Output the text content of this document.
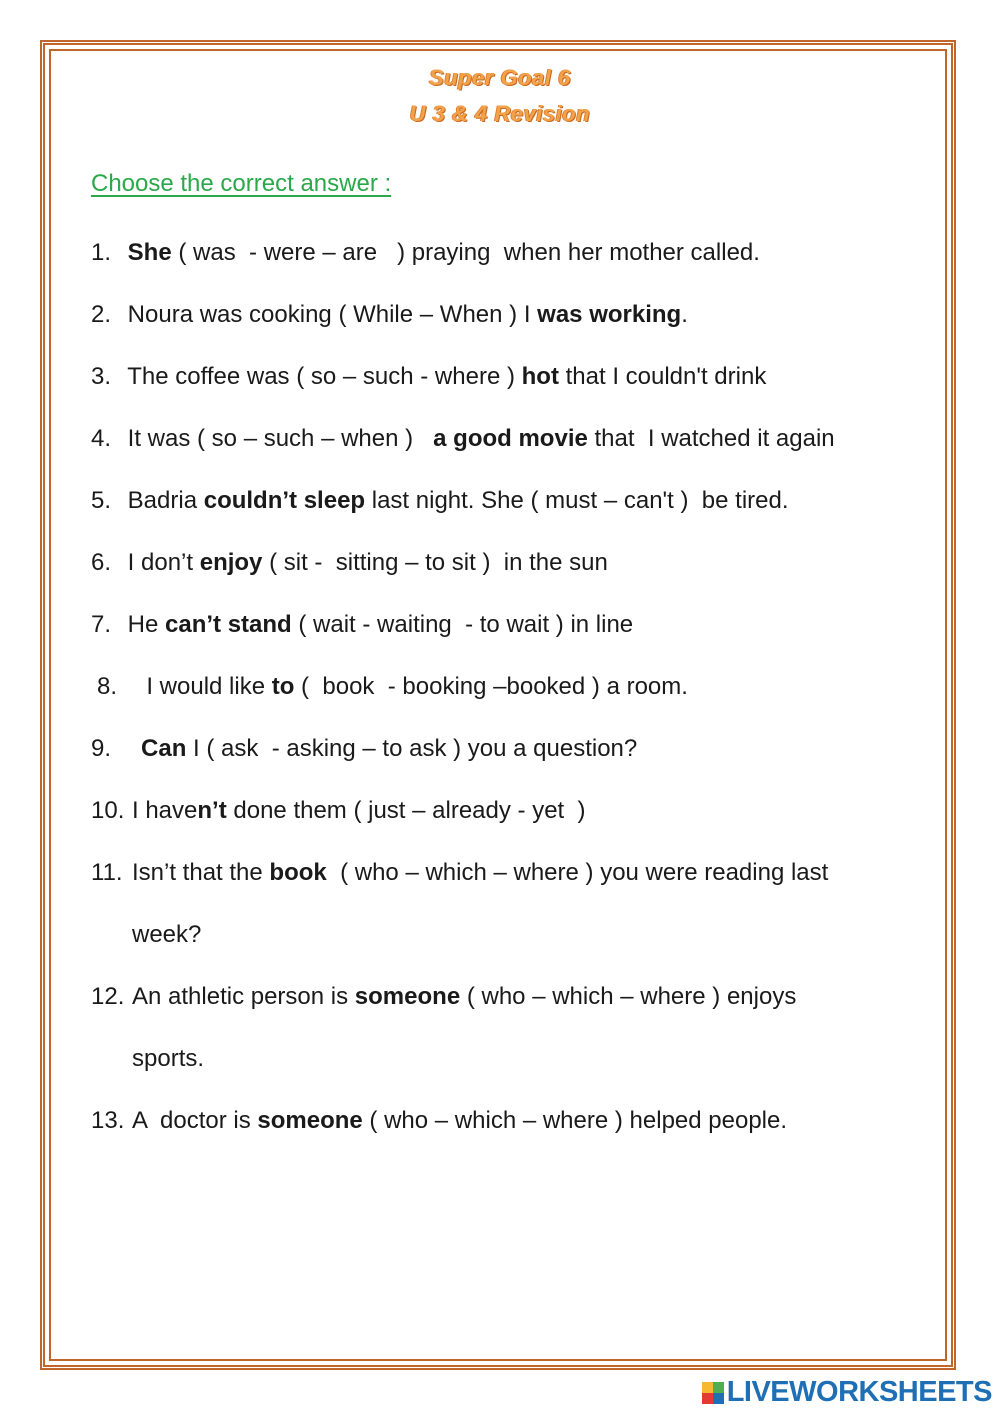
Super Goal 6
U 3 & 4 Revision
Choose the correct answer :
1. She ( was  - were – are   ) praying  when her mother called.
2. Noura was cooking ( While – When ) I was working.
3. The coffee was ( so – such - where ) hot that I couldn't drink
4. It was ( so – such – when )   a good movie that  I watched it again
5. Badria couldn’t sleep last night. She ( must – can't )  be tired.
6. I don’t enjoy ( sit -  sitting – to sit )  in the sun
7. He can’t stand ( wait - waiting  - to wait ) in line
8. I would like to (  book  - booking –booked ) a room.
9.	Can I ( ask  - asking – to ask ) you a question?
10. I haven’t done them ( just – already - yet  )
11. Isn’t that the book  ( who – which – where ) you were reading last
week?
12. An athletic person is someone ( who – which – where ) enjoys
sports.
13. A  doctor is someone ( who – which – where ) helped people.
LIVEWORKSHEETS
